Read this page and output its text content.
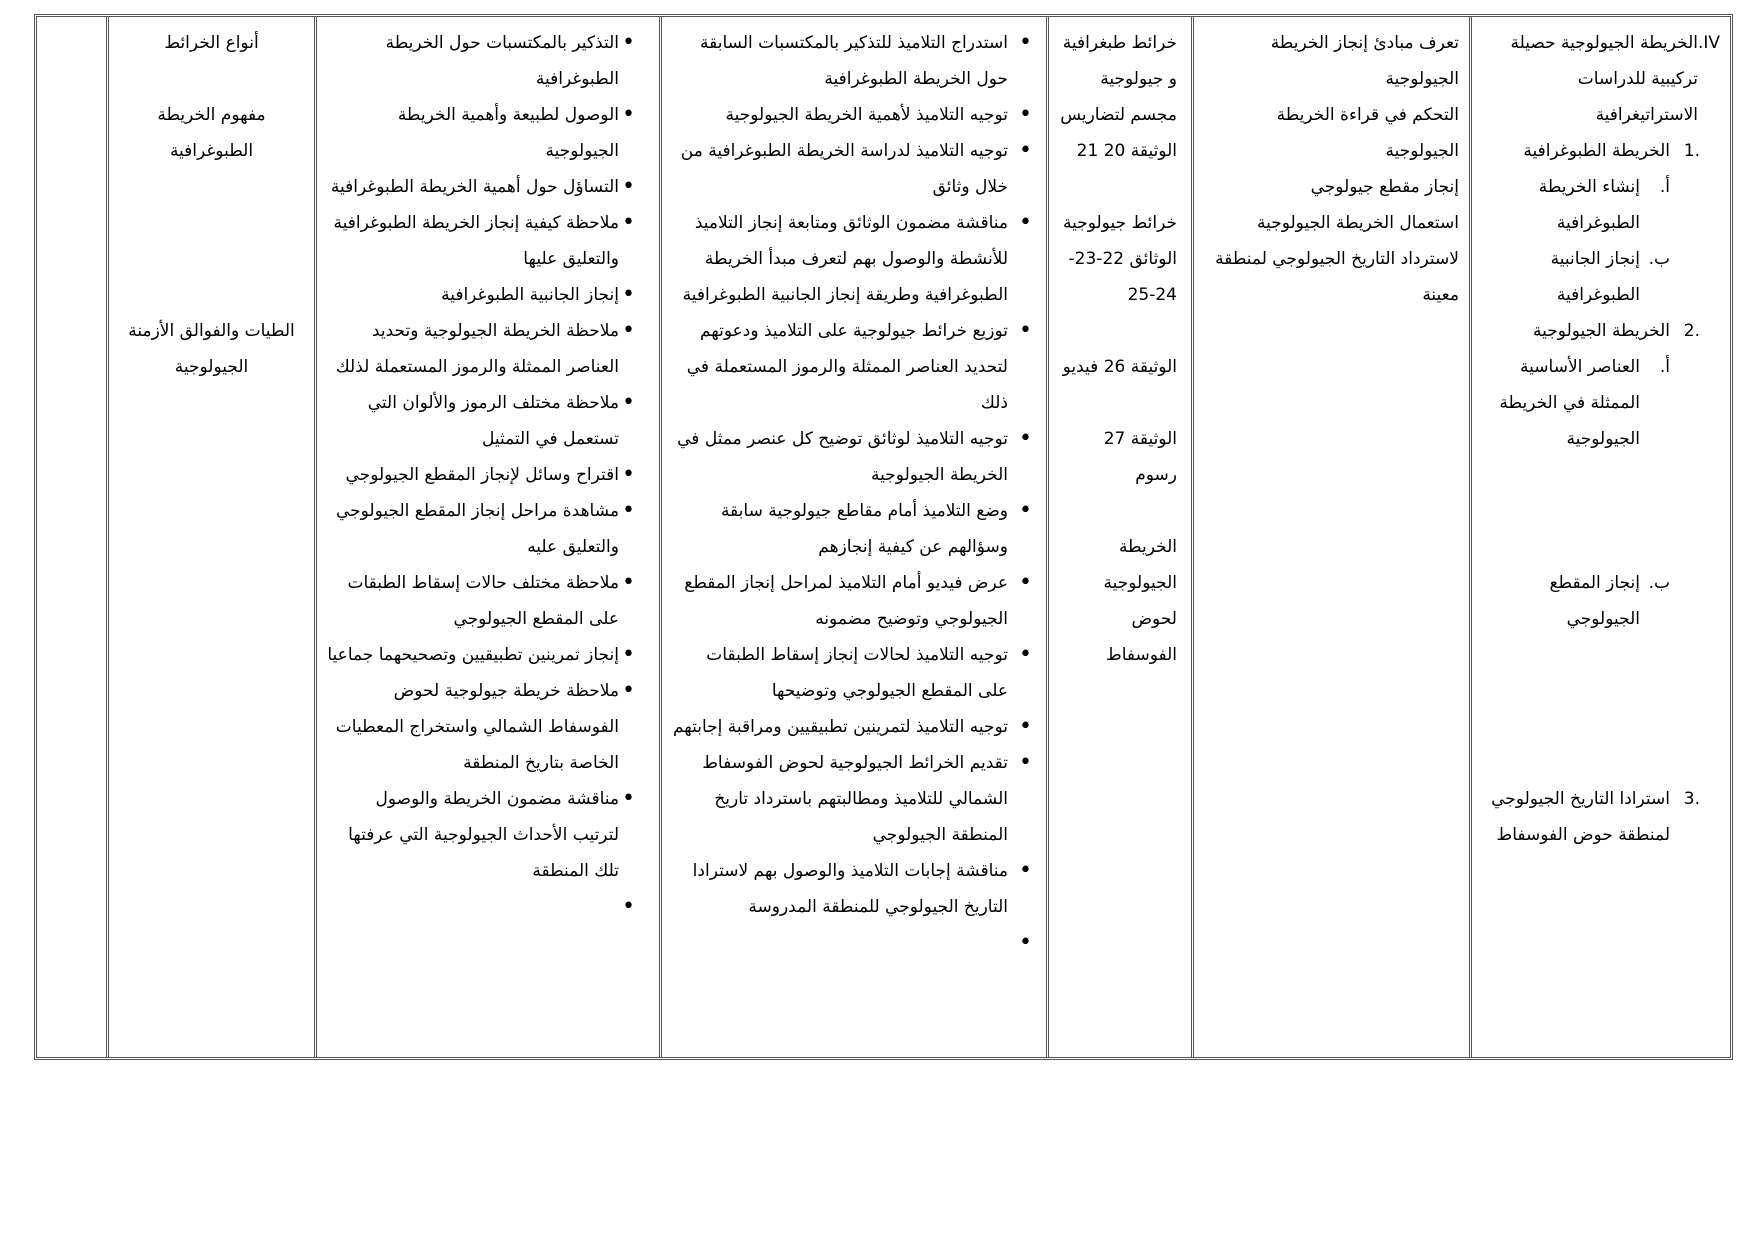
IV.
الخريطة الجيولوجية حصيلة تركيبية للدراسات الاستراتيغرافية
.1
الخريطة الطبوغرافية
أ.
إنشاء الخريطة الطبوغرافية
ب.
إنجاز الجانبية الطبوغرافية
.2
الخريطة الجيولوجية
أ.
العناصر الأساسية الممثلة في الخريطة الجيولوجية
ب.
إنجاز المقطع الجيولوجي
.3
استرادا التاريخ الجيولوجي لمنطقة حوض الفوسفاط

تعرف مبادئ إنجاز الخريطة الجيولوجية
التحكم في قراءة الخريطة الجيولوجية
إنجاز مقطع جيولوجي
استعمال الخريطة الجيولوجية لاسترداد التاريخ الجيولوجي لمنطقة معينة

خرائط طبغرافية و جيولوجية مجسم لتضاريس الوثيقة 20 21
خرائط جيولوجية الوثائق 22-23-24-25
الوثيقة 26 فيديو
الوثيقة 27 رسوم
الخريطة الجيولوجية لحوض الفوسفاط

• استدراج التلاميذ للتذكير بالمكتسبات السابقة حول الخريطة الطبوغرافية
• توجيه التلاميذ لأهمية الخريطة الجيولوجية
• توجيه التلاميذ لدراسة الخريطة الطبوغرافية من خلال وثائق
• مناقشة مضمون الوثائق ومتابعة إنجاز التلاميذ للأنشطة والوصول بهم لتعرف مبدأ الخريطة الطبوغرافية وطريقة إنجاز الجانبية الطبوغرافية
• توزيع خرائط جيولوجية على التلاميذ ودعوتهم لتحديد العناصر الممثلة والرموز المستعملة في ذلك
• توجيه التلاميذ لوثائق توضيح كل عنصر ممثل في الخريطة الجيولوجية
• وضع التلاميذ أمام مقاطع جيولوجية سابقة وسؤالهم عن كيفية إنجازهم
• عرض فيديو أمام التلاميذ لمراحل إنجاز المقطع الجيولوجي وتوضيح مضمونه
• توجيه التلاميذ لحالات إنجاز إسقاط الطبقات على المقطع الجيولوجي وتوضيحها
• توجيه التلاميذ لتمرينين تطبيقيين ومراقبة إجابتهم
• تقديم الخرائط الجيولوجية لحوض الفوسفاط الشمالي للتلاميذ ومطالبتهم باسترداد تاريخ المنطقة الجيولوجي
• مناقشة إجابات التلاميذ والوصول بهم لاسترادا التاريخ الجيولوجي للمنطقة المدروسة
•

• التذكير بالمكتسبات حول الخريطة الطبوغرافية
• الوصول لطبيعة وأهمية الخريطة الجيولوجية
• التساؤل حول أهمية الخريطة الطبوغرافية
• ملاحظة كيفية إنجاز الخريطة الطبوغرافية والتعليق عليها
• إنجاز الجانبية الطبوغرافية
• ملاحظة الخريطة الجيولوجية وتحديد العناصر الممثلة والرموز المستعملة لذلك
• ملاحظة مختلف الرموز والألوان التي تستعمل في التمثيل
• اقتراح وسائل لإنجاز المقطع الجيولوجي
• مشاهدة مراحل إنجاز المقطع الجيولوجي والتعليق عليه
• ملاحظة مختلف حالات إسقاط الطبقات على المقطع الجيولوجي
• إنجاز تمرينين تطبيقيين وتصحيحهما جماعيا
• ملاحظة خريطة جيولوجية لحوض الفوسفاط الشمالي واستخراج المعطيات الخاصة بتاريخ المنطقة
• مناقشة مضمون الخريطة والوصول لترتيب الأحداث الجيولوجية التي عرفتها تلك المنطقة
•

أنواع الخرائط

مفهوم الخريطة الطبوغرافية

الطيات والفوالق الأزمنة الجيولوجية
